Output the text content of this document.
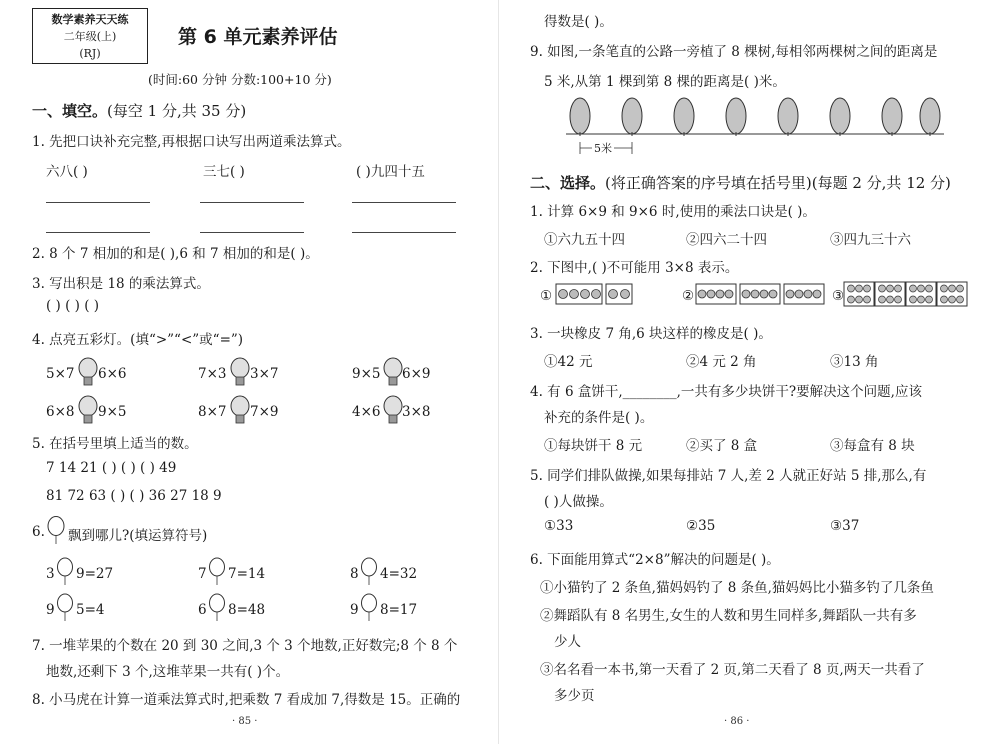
数学素养天天练
二年级(上)
(RJ)
第 6 单元素养评估
(时间:60 分钟 分数:100+10 分)
一、填空。(每空 1 分,共 35 分)
1. 先把口诀补充完整,再根据口诀写出两道乘法算式。
六八( )	三七( )	( )九四十五
2. 8 个 7 相加的和是( ),6 和 7 相加的和是( )。
3. 写出积是 18 的乘法算式。
( ) ( ) ( )
4. 点亮五彩灯。(填“>”“<”或“=”)
5×7 6×6	7×3 3×7	9×5 6×9
6×8 9×5	8×7 7×9	4×6 3×8
5. 在括号里填上适当的数。
7 14 21 ( ) ( ) ( ) 49
81 72 63 ( ) ( ) 36 27 18 9
6. 飘到哪儿?(填运算符号)
3 9=27	7 7=14	8 4=32
9 5=4	6 8=48	9 8=17
7. 一堆苹果的个数在 20 到 30 之间,3 个 3 个地数,正好数完;8 个 8 个
地数,还剩下 3 个,这堆苹果一共有( )个。
8. 小马虎在计算一道乘法算式时,把乘数 7 看成加 7,得数是 15。正确的
· 85 ·
得数是( )。
9. 如图,一条笔直的公路一旁植了 8 棵树,每相邻两棵树之间的距离是
5 米,从第 1 棵到第 8 棵的距离是( )米。
5米
二、选择。(将正确答案的序号填在括号里)(每题 2 分,共 12 分)
1. 计算 6×9 和 9×6 时,使用的乘法口诀是( )。
①六九五十四	②四六二十四	③四九三十六
2. 下图中,( )不可能用 3×8 表示。
①	②	③
3. 一块橡皮 7 角,6 块这样的橡皮是( )。
①42 元	②4 元 2 角	③13 角
4. 有 6 盒饼干,________,一共有多少块饼干?要解决这个问题,应该
补充的条件是( )。
①每块饼干 8 元	②买了 8 盒	③每盒有 8 块
5. 同学们排队做操,如果每排站 7 人,差 2 人就正好站 5 排,那么,有
( )人做操。
①33	②35	③37
6. 下面能用算式“2×8”解决的问题是( )。
①小猫钓了 2 条鱼,猫妈妈钓了 8 条鱼,猫妈妈比小猫多钓了几条鱼
②舞蹈队有 8 名男生,女生的人数和男生同样多,舞蹈队一共有多
少人
③名名看一本书,第一天看了 2 页,第二天看了 8 页,两天一共看了
多少页
· 86 ·
